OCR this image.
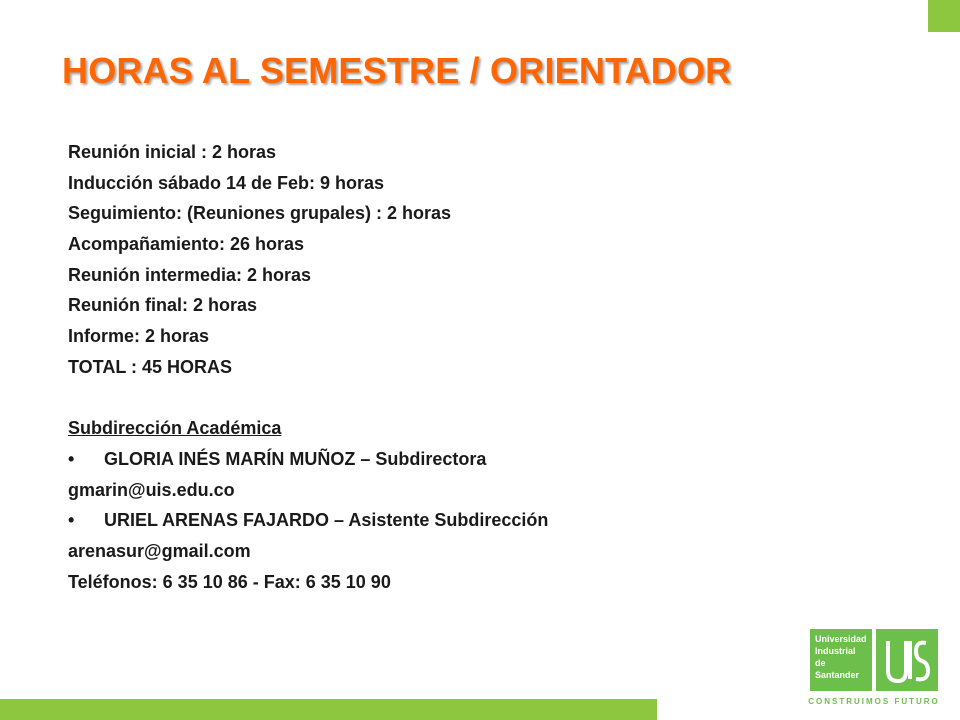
HORAS AL SEMESTRE / ORIENTADOR
Reunión inicial : 2 horas
Inducción sábado 14 de Feb: 9 horas
Seguimiento: (Reuniones grupales) : 2 horas
Acompañamiento: 26 horas
Reunión intermedia: 2 horas
Reunión final: 2 horas
Informe: 2 horas
TOTAL : 45 HORAS
Subdirección Académica
•	GLORIA INÉS MARÍN MUÑOZ – Subdirectora
gmarin@uis.edu.co
•	URIEL ARENAS FAJARDO – Asistente Subdirección
arenasur@gmail.com
Teléfonos: 6 35 10 86 - Fax: 6 35 10 90
Universidad
Industrial de
Santander
CONSTRUIMOS FUTURO
